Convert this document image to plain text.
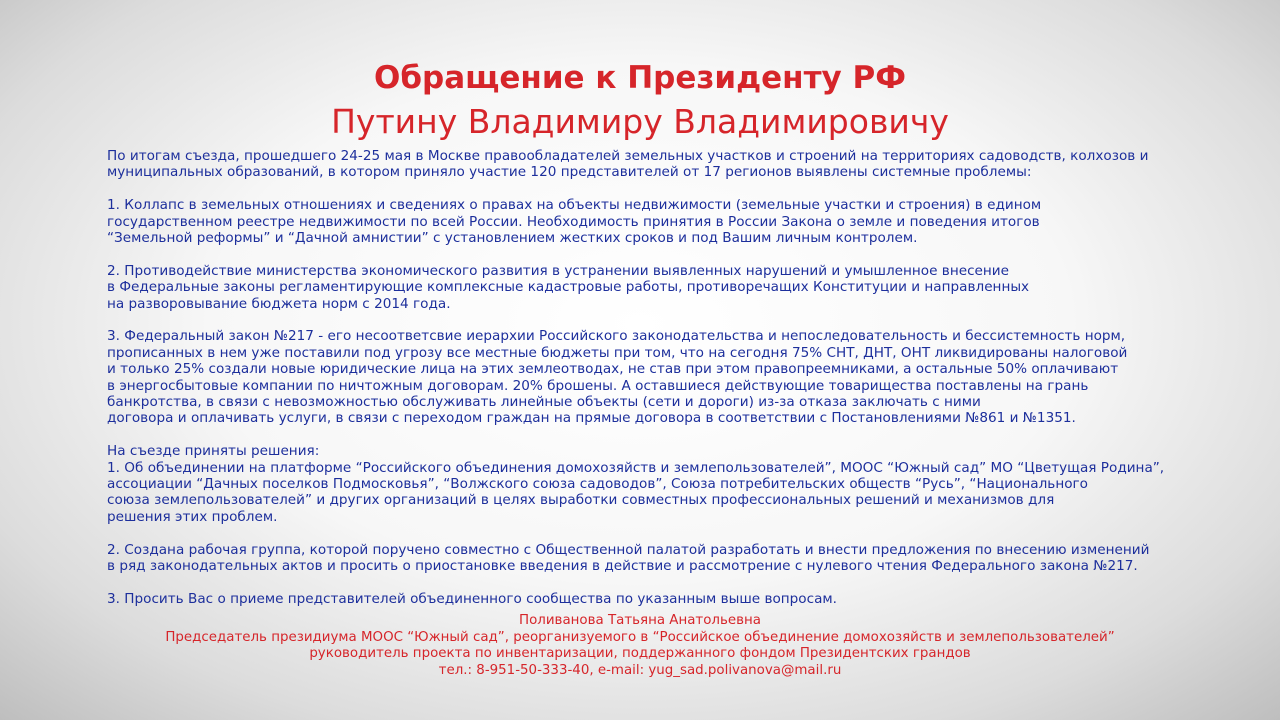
Обращение к Президенту РФ
Путину Владимиру Владимировичу

По итогам съезда, прошедшего 24-25 мая в Москве правообладателей земельных участков и строений на территориях садоводств, колхозов и
муниципальных образований, в котором приняло участие 120 представителей от 17 регионов выявлены системные проблемы:

1. Коллапс в земельных отношениях и сведениях о правах на объекты недвижимости (земельные участки и строения) в едином
государственном реестре недвижимости по всей России. Необходимость принятия в России Закона о земле и поведения итогов
“Земельной реформы” и “Дачной амнистии” с установлением жестких сроков и под Вашим личным контролем.

2. Противодействие министерства экономического развития в устранении выявленных нарушений и умышленное внесение
в Федеральные законы регламентирующие комплексные кадастровые работы, противоречащих Конституции и направленных
на разворовывание бюджета норм с 2014 года.

3. Федеральный закон №217 - его несоответсвие иерархии Российского законодательства и непоследовательность и бессистемность норм,
прописанных в нем уже поставили под угрозу все местные бюджеты при том, что на сегодня 75% СНТ, ДНТ, ОНТ ликвидированы налоговой
и только 25% создали новые юридические лица на этих землеотводах, не став при этом правопреемниками, а остальные 50% оплачивают
в энергосбытовые компании по ничтожным договорам. 20% брошены. А оставшиеся действующие товарищества поставлены на грань
банкротства, в связи с невозможностью обслуживать линейные объекты (сети и дороги) из-за отказа заключать с ними
договора и оплачивать услуги, в связи с переходом граждан на прямые договора в соответствии с Постановлениями №861 и №1351.

На съезде приняты решения:
1. Об объединении на платформе “Российского объединения домохозяйств и землепользователей”, МООС “Южный сад” МО “Цветущая Родина”,
ассоциации “Дачных поселков Подмосковья”, “Волжского союза садоводов”, Союза потребительских обществ “Русь”, “Национального
союза землепользователей” и других организаций в целях выработки совместных профессиональных решений и механизмов для
решения этих проблем.

2. Создана рабочая группа, которой поручено совместно с Общественной палатой разработать и внести предложения по внесению изменений
в ряд законодательных актов и просить о приостановке введения в действие и рассмотрение с нулевого чтения Федерального закона №217.

3. Просить Вас о приеме представителей объединенного сообщества по указанным выше вопросам.

Поливанова Татьяна Анатольевна
Председатель президиума МООС “Южный сад”, реорганизуемого в “Российское объединение домохозяйств и землепользователей”
руководитель проекта по инвентаризации, поддержанного фондом Президентских грандов
тел.: 8-951-50-333-40, e-mail: yug_sad.polivanova@mail.ru
